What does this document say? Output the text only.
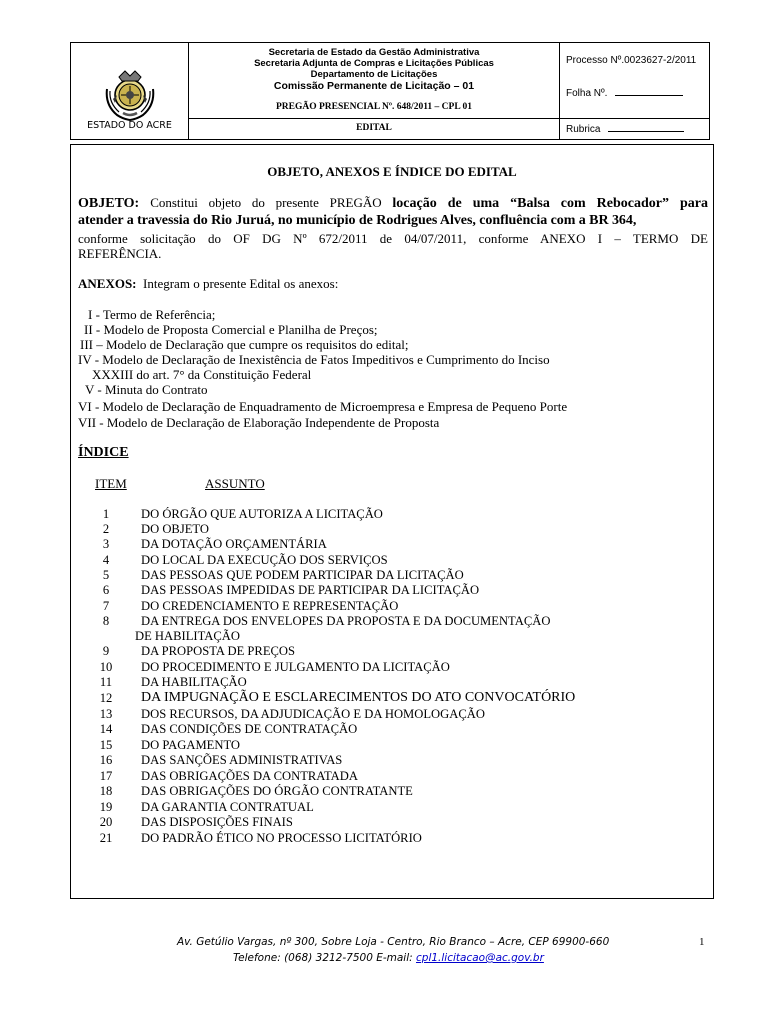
ESTADO DO ACRE
Secretaria de Estado da Gestão Administrativa
Secretaria Adjunta de Compras e Licitações Públicas
Departamento de Licitações
Comissão Permanente de Licitação – 01
PREGÃO PRESENCIAL Nº. 648/2011 – CPL 01
EDITAL
Processo Nº.0023627-2/2011
Folha Nº.
Rubrica
OBJETO, ANEXOS E ÍNDICE DO EDITAL
OBJETO: Constitui objeto do presente PREGÃO locação de uma “Balsa com Rebocador” para
atender a travessia do Rio Juruá, no município de Rodrigues Alves, confluência com a BR 364,
conforme solicitação do OF DG Nº 672/2011 de 04/07/2011, conforme ANEXO I – TERMO DE
REFERÊNCIA.
ANEXOS: Integram o presente Edital os anexos:
I - Termo de Referência;
II - Modelo de Proposta Comercial e Planilha de Preços;
III – Modelo de Declaração que cumpre os requisitos do edital;
IV - Modelo de Declaração de Inexistência de Fatos Impeditivos e Cumprimento do Inciso
XXXIII do art. 7° da Constituição Federal
V - Minuta do Contrato
VI - Modelo de Declaração de Enquadramento de Microempresa e Empresa de Pequeno Porte
VII - Modelo de Declaração de Elaboração Independente de Proposta
ÍNDICE
ITEM	ASSUNTO
1	DO ÓRGÃO QUE AUTORIZA A LICITAÇÃO
2	DO OBJETO
3	DA DOTAÇÃO ORÇAMENTÁRIA
4	DO LOCAL DA EXECUÇÃO DOS SERVIÇOS
5	DAS PESSOAS QUE PODEM PARTICIPAR DA LICITAÇÃO
6	DAS PESSOAS IMPEDIDAS DE PARTICIPAR DA LICITAÇÃO
7	DO CREDENCIAMENTO E REPRESENTAÇÃO
8	DA ENTREGA DOS ENVELOPES DA PROPOSTA E DA DOCUMENTAÇÃO
DE HABILITAÇÃO
9	DA PROPOSTA DE PREÇOS
10 DO PROCEDIMENTO E JULGAMENTO DA LICITAÇÃO
11	DA HABILITAÇÃO
12 DA IMPUGNAÇÃO E ESCLARECIMENTOS DO ATO CONVOCATÓRIO
13 DOS RECURSOS, DA ADJUDICAÇÃO E DA HOMOLOGAÇÃO
14 DAS CONDIÇÕES DE CONTRATAÇÃO
15 DO PAGAMENTO
16 DAS SANÇÕES ADMINISTRATIVAS
17 DAS OBRIGAÇÕES DA CONTRATADA
18 DAS OBRIGAÇÕES DO ÓRGÃO CONTRATANTE
19 DA GARANTIA CONTRATUAL
20 DAS DISPOSIÇÕES FINAIS
21 DO PADRÃO ÉTICO NO PROCESSO LICITATÓRIO
Av. Getúlio Vargas, nº 300, Sobre Loja - Centro, Rio Branco – Acre, CEP 69900-660
Telefone: (068) 3212-7500 E-mail: cpl1.licitacao@ac.gov.br
1
